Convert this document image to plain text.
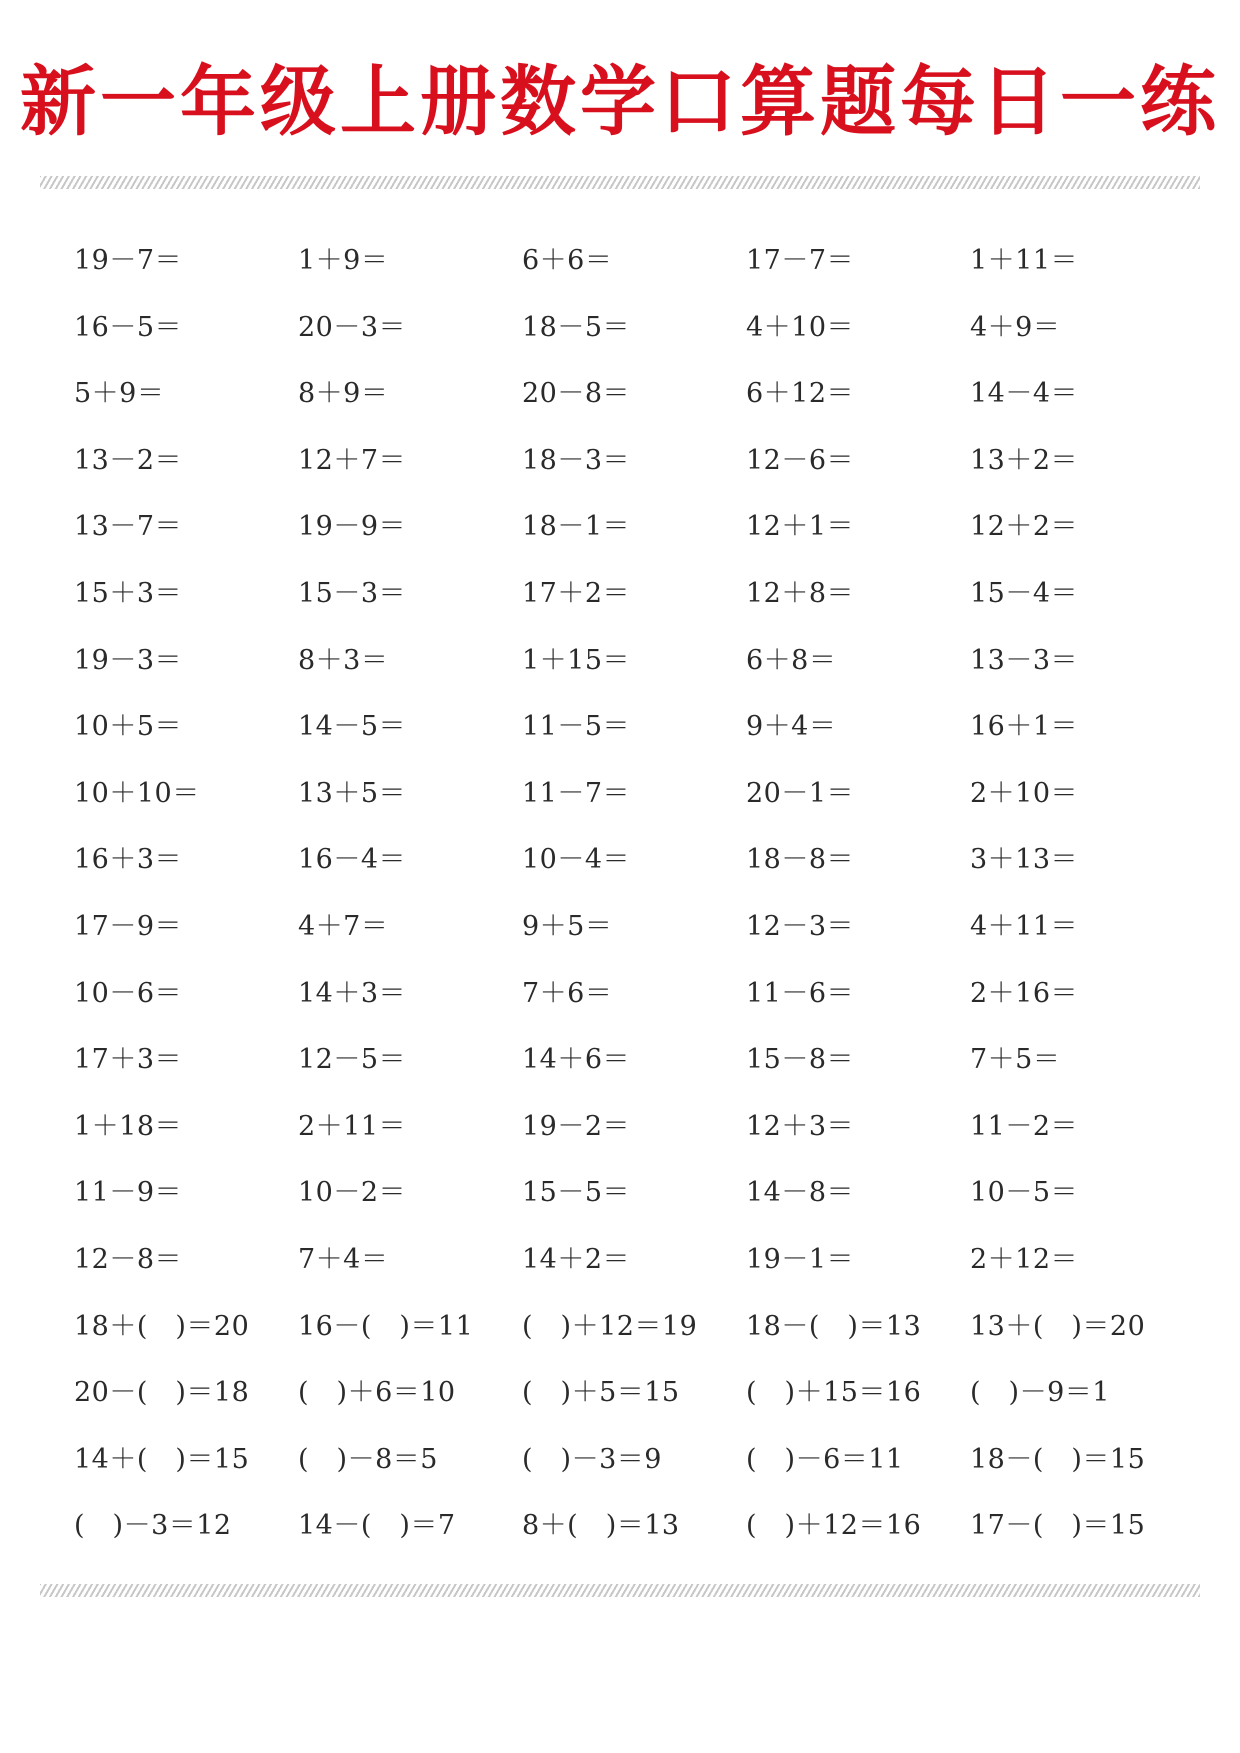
新一年级上册数学口算题每日一练
19－7＝	1＋9＝	6＋6＝	17－7＝	1＋11＝
16－5＝	20－3＝	18－5＝	4＋10＝	4＋9＝
5＋9＝	8＋9＝	20－8＝	6＋12＝	14－4＝
13－2＝	12＋7＝	18－3＝	12－6＝	13＋2＝
13－7＝	19－9＝	18－1＝	12＋1＝	12＋2＝
15＋3＝	15－3＝	17＋2＝	12＋8＝	15－4＝
19－3＝	8＋3＝	1＋15＝	6＋8＝	13－3＝
10＋5＝	14－5＝	11－5＝	9＋4＝	16＋1＝
10＋10＝	13＋5＝	11－7＝	20－1＝	2＋10＝
16＋3＝	16－4＝	10－4＝	18－8＝	3＋13＝
17－9＝	4＋7＝	9＋5＝	12－3＝	4＋11＝
10－6＝	14＋3＝	7＋6＝	11－6＝	2＋16＝
17＋3＝	12－5＝	14＋6＝	15－8＝	7＋5＝
1＋18＝	2＋11＝	19－2＝	12＋3＝	11－2＝
11－9＝	10－2＝	15－5＝	14－8＝	10－5＝
12－8＝	7＋4＝	14＋2＝	19－1＝	2＋12＝
18＋(　)＝20	16－(　)＝11	(　)＋12＝19	18－(　)＝13	13＋(　)＝20
20－(　)＝18	(　)＋6＝10	(　)＋5＝15	(　)＋15＝16	(　)－9＝1
14＋(　)＝15	(　)－8＝5	(　)－3＝9	(　)－6＝11	18－(　)＝15
(　)－3＝12	14－(　)＝7	8＋(　)＝13	(　)＋12＝16	17－(　)＝15
